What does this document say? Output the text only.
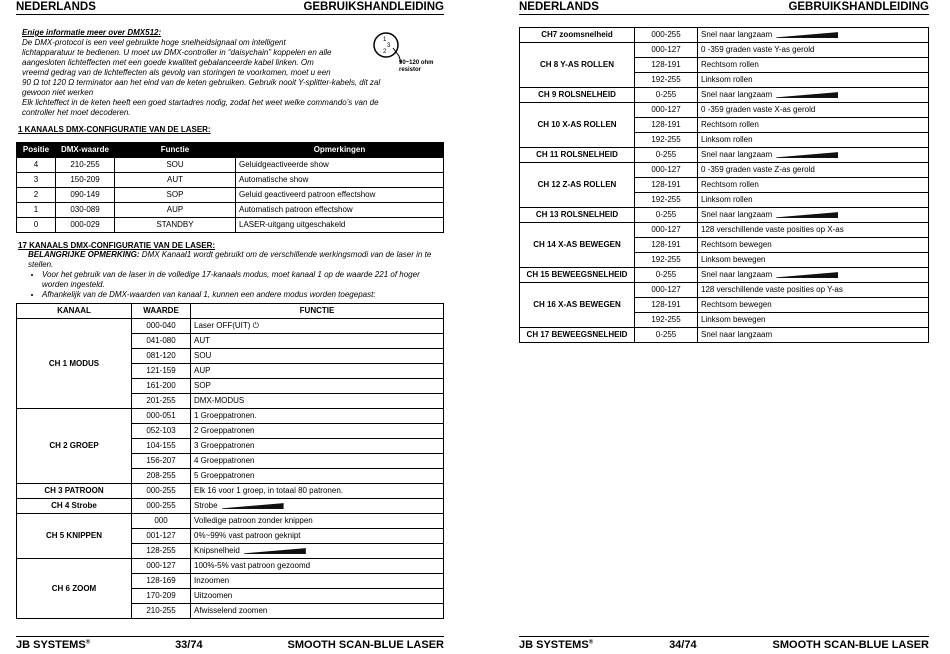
NEDERLANDS	GEBRUIKSHANDLEIDING
Enige informatie meer over DMX512:
De DMX-protocol is een veel gebruikte hoge snelheidsignaal om intelligent
lichtapparatuur te bedienen. U moet uw DMX-controller in “daisychain” koppelen en alle
aangesloten lichteffecten met een goede kwaliteit gebalanceerde kabel linken. Om
vreemd gedrag van de lichteffecten als gevolg van storingen te voorkomen, moet u een
90 Ω tot 120 Ω terminator aan het eind van de keten gebruiken. Gebruik nooit Y-splitter-kabels, dit zal
gewoon niet werken
Elk lichteffect in de keten heeft een goed startadres nodig, zodat het weet welke commando’s van de
controller het moet decoderen.
1
3
2
90~120 ohm
resistor
1 KANAALS DMX-CONFIGURATIE VAN DE LASER:
Positie	DMX-waarde	Functie	Opmerkingen
4	210-255	SOU	Geluidgeactiveerde show
3	150-209	AUT	Automatische show
2	090-149	SOP	Geluid geactiveerd patroon effectshow
1	030-089	AUP	Automatisch patroon effectshow
0	000-029	STANDBY	LASER-uitgang uitgeschakeld
17 KANAALS DMX-CONFIGURATIE VAN DE LASER:
BELANGRIJKE OPMERKING: DMX Kanaal1 wordt gebruikt om de verschillende werkingsmodi van de laser in te stellen.
• Voor het gebruik van de laser in de volledige 17-kanaals modus, moet kanaal 1 op de waarde 221 of hoger worden ingesteld.
• Afhankelijk van de DMX-waarden van kanaal 1, kunnen een andere modus worden toegepast:
KANAAL	WAARDE	FUNCTIE
CH 1 MODUS	000-040	Laser OFF(UIT) ⏻
	041-080	AUT
	081-120	SOU
	121-159	AUP
	161-200	SOP
	201-255	DMX-MODUS
CH 2 GROEP	000-051	1 Groeppatronen.
	052-103	2 Groeppatronen
	104-155	3 Groeppatronen
	156-207	4 Groeppatronen
	208-255	5 Groeppatronen
CH 3 PATROON	000-255	Elk 16 voor 1 groep, in totaal 80 patronen.
CH 4 Strobe	000-255	Strobe
CH 5 KNIPPEN	000	Volledige patroon zonder knippen
	001-127	0%~99% vast patroon geknipt
	128-255	Knipsnelheid
CH 6 ZOOM	000-127	100%-5% vast patroon gezoomd
	128-169	Inzoomen
	170-209	Uitzoomen
	210-255	Afwisselend zoomen
JB SYSTEMS®	33/74	SMOOTH SCAN-BLUE LASER
NEDERLANDS	GEBRUIKSHANDLEIDING
CH7 zoomsnelheid	000-255	Snel naar langzaam
CH 8 Y-AS ROLLEN	000-127	0 -359 graden vaste Y-as gerold
	128-191	Rechtsom rollen
	192-255	Linksom rollen
CH 9 ROLSNELHEID	0-255	Snel naar langzaam
CH 10 X-AS ROLLEN	000-127	0 -359 graden vaste X-as gerold
	128-191	Rechtsom rollen
	192-255	Linksom rollen
CH 11 ROLSNELHEID	0-255	Snel naar langzaam
CH 12 Z-AS ROLLEN	000-127	0 -359 graden vaste Z-as gerold
	128-191	Rechtsom rollen
	192-255	Linksom rollen
CH 13 ROLSNELHEID	0-255	Snel naar langzaam
CH 14 X-AS BEWEGEN	000-127	128 verschillende vaste posities op X-as
	128-191	Rechtsom bewegen
	192-255	Linksom bewegen
CH 15 BEWEEGSNELHEID	0-255	Snel naar langzaam
CH 16 X-AS BEWEGEN	000-127	128 verschillende vaste posities op Y-as
	128-191	Rechtsom bewegen
	192-255	Linksom bewegen
CH 17 BEWEEGSNELHEID	0-255	Snel naar langzaam
JB SYSTEMS®	34/74	SMOOTH SCAN-BLUE LASER
